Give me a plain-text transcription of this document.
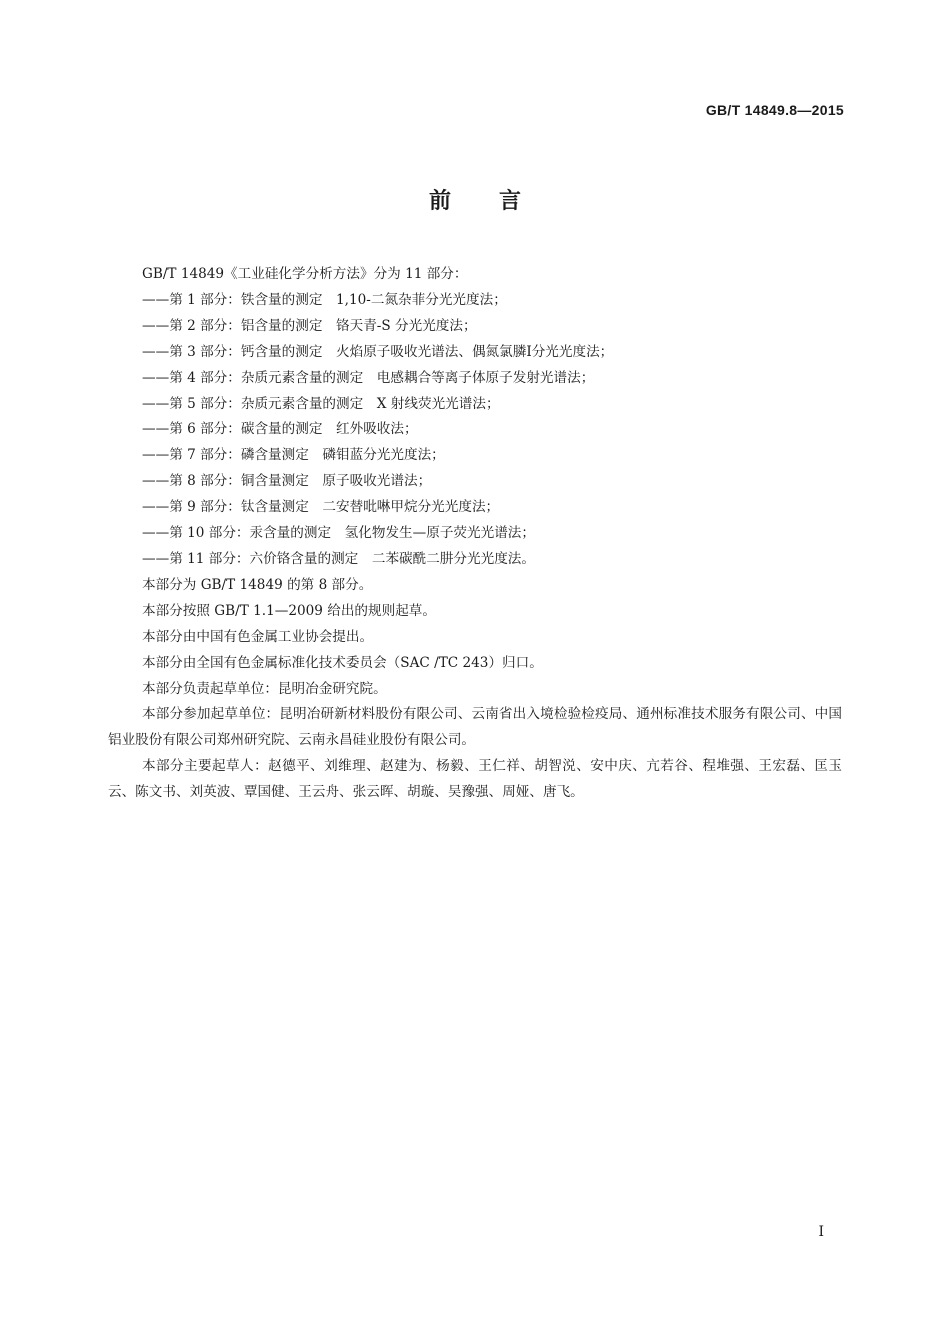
GB/T 14849.8—2015
前言

GB/T 14849《工业硅化学分析方法》分为 11 部分：

——第 1 部分：铁含量的测定　1,10-二氮杂菲分光光度法；

——第 2 部分：铝含量的测定　铬天青-S 分光光度法；

——第 3 部分：钙含量的测定　火焰原子吸收光谱法、偶氮氯膦Ⅰ分光光度法；

——第 4 部分：杂质元素含量的测定　电感耦合等离子体原子发射光谱法；

——第 5 部分：杂质元素含量的测定　X 射线荧光光谱法；

——第 6 部分：碳含量的测定　红外吸收法；

——第 7 部分：磷含量测定　磷钼蓝分光光度法；

——第 8 部分：铜含量测定　原子吸收光谱法；

——第 9 部分：钛含量测定　二安替吡啉甲烷分光光度法；

——第 10 部分：汞含量的测定　氢化物发生—原子荧光光谱法；

——第 11 部分：六价铬含量的测定　二苯碳酰二肼分光光度法。

本部分为 GB/T 14849 的第 8 部分。

本部分按照 GB/T 1.1—2009 给出的规则起草。

本部分由中国有色金属工业协会提出。

本部分由全国有色金属标准化技术委员会（SAC /TC 243）归口。

本部分负责起草单位：昆明冶金研究院。

本部分参加起草单位：昆明冶研新材料股份有限公司、云南省出入境检验检疫局、通州标准技术服务有限公司、中国铝业股份有限公司郑州研究院、云南永昌硅业股份有限公司。

本部分主要起草人：赵德平、刘维理、赵建为、杨毅、王仁祥、胡智涚、安中庆、亢若谷、程堆强、王宏磊、匡玉云、陈文书、刘英波、覃国健、王云舟、张云晖、胡璇、吴豫强、周娅、唐飞。

Ⅰ
